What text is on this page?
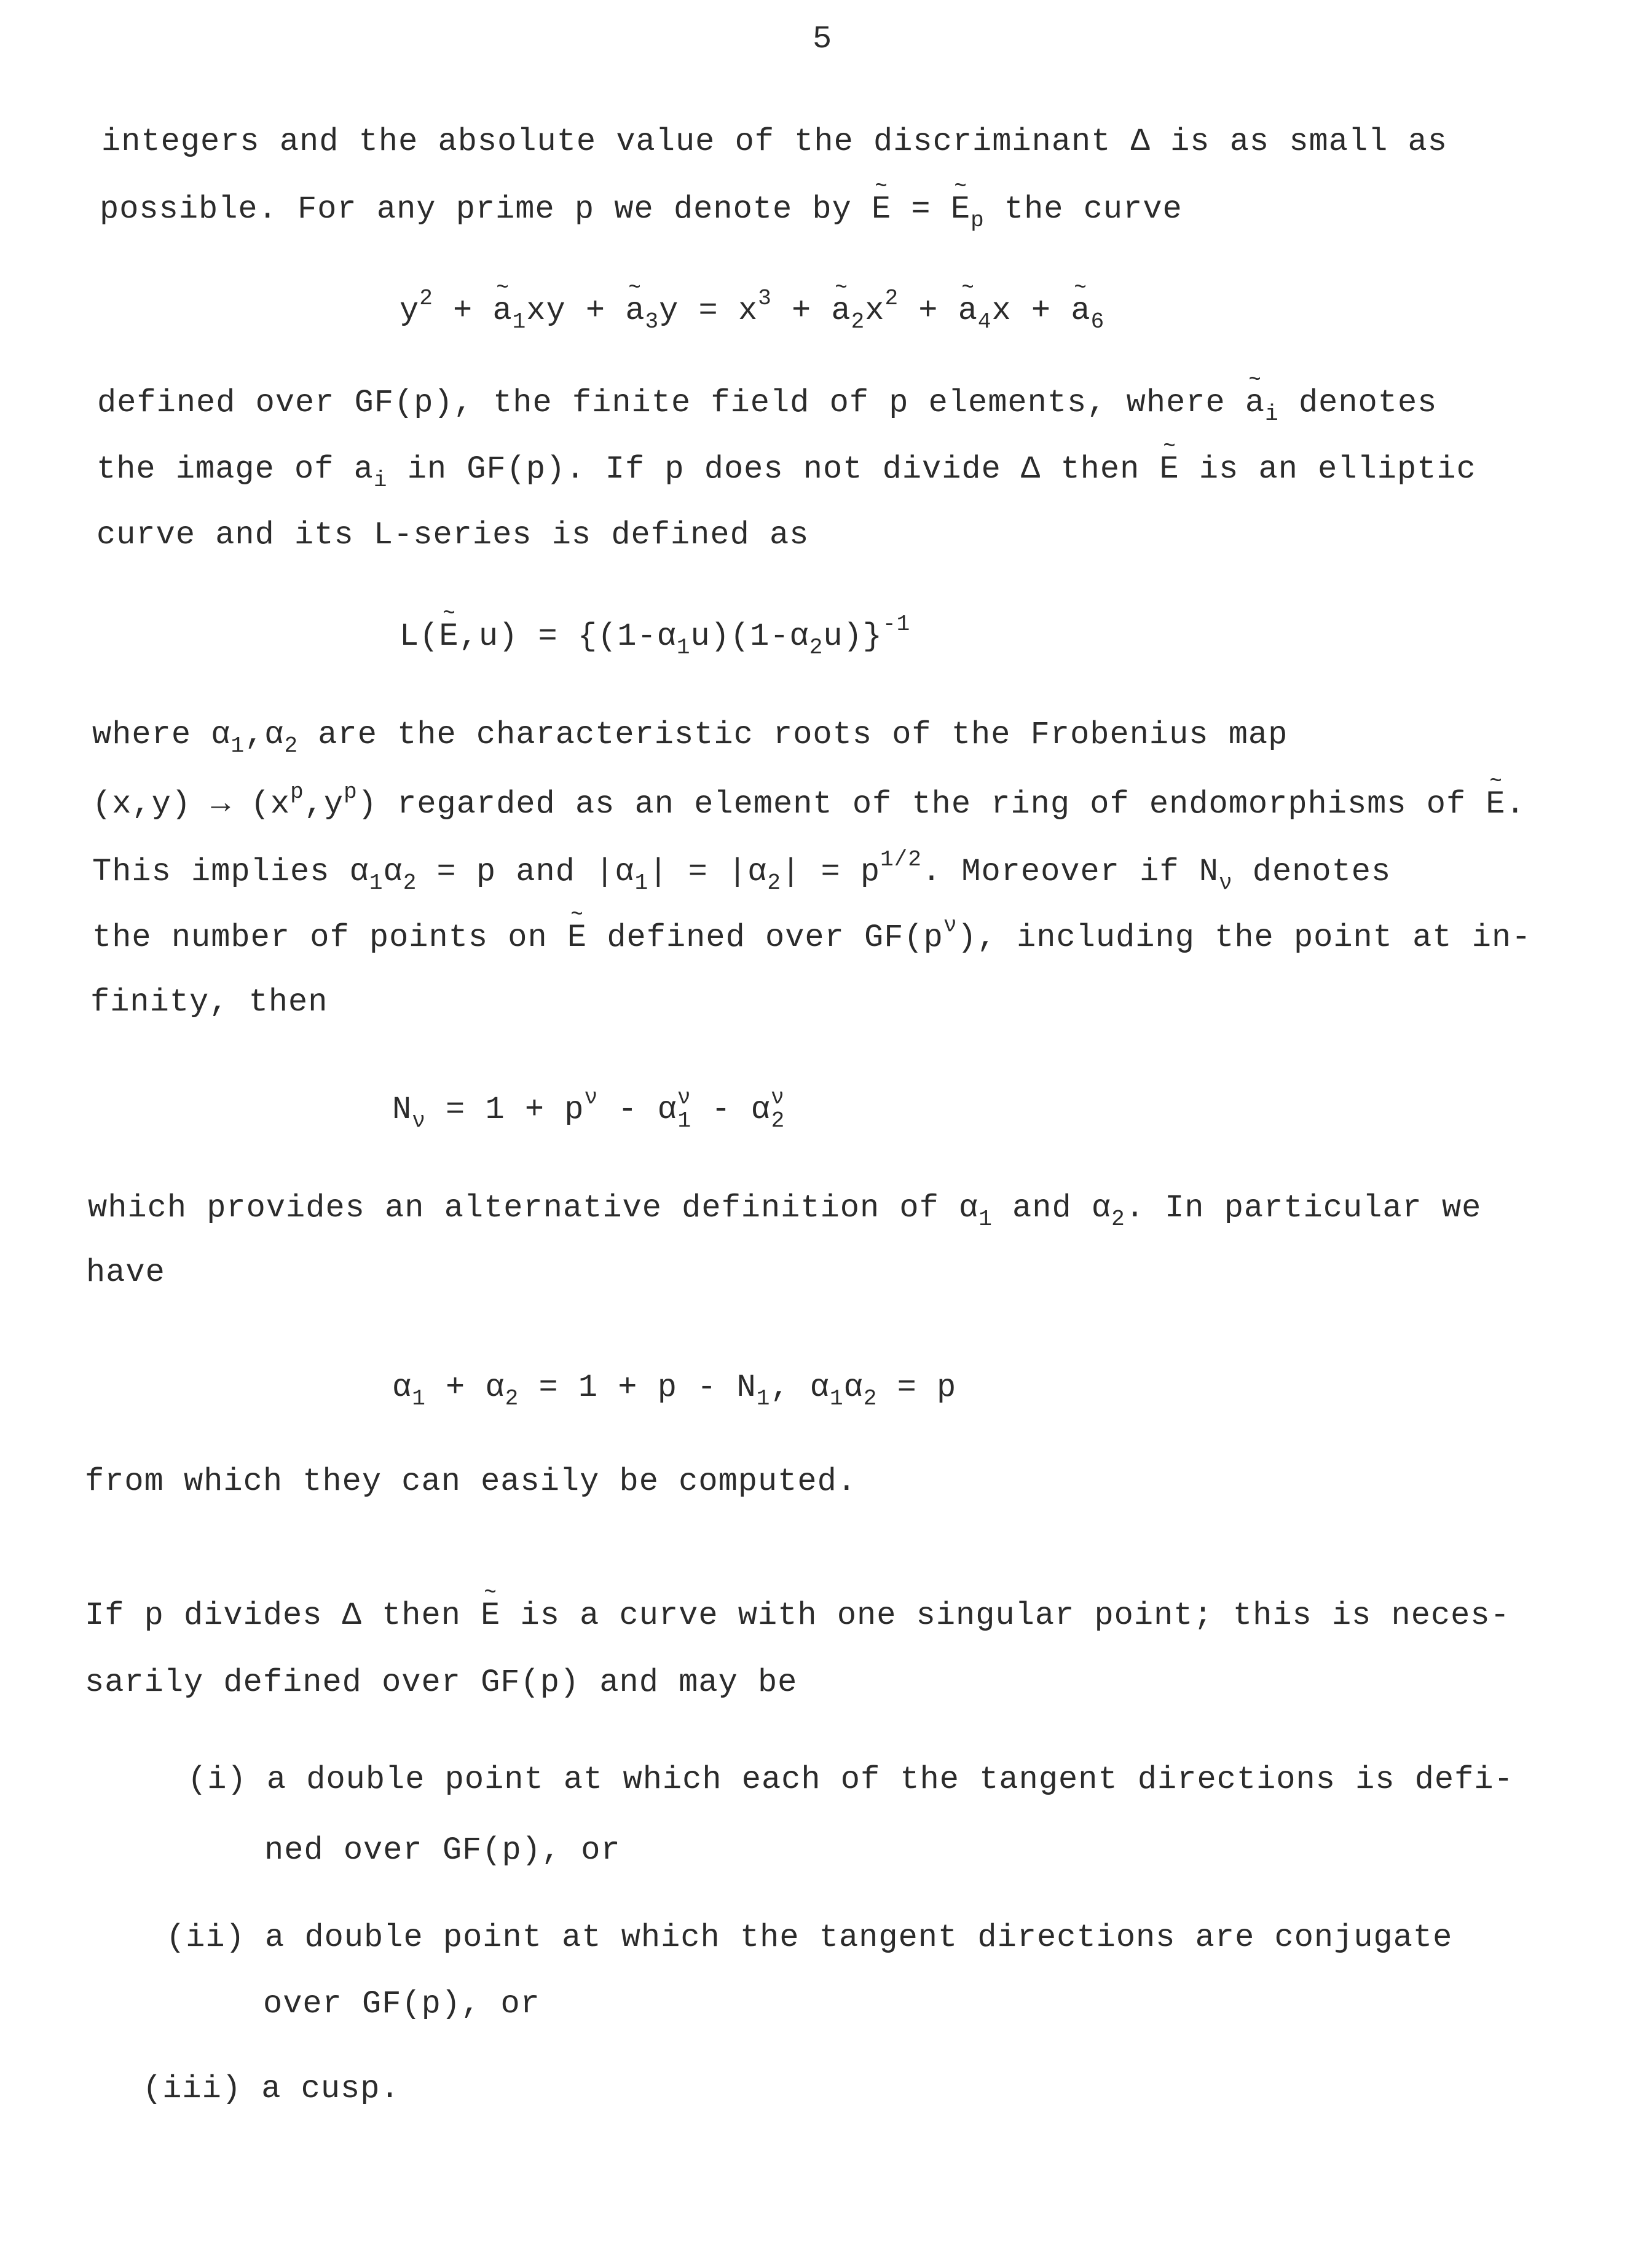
5
integers and the absolute value of the discriminant Δ is as small as
possible. For any prime p we denote by ~ E = ~ $E_p$ the curve
$y^2$ + ~ $a_1xy$ + ~ $a_3y = x^3$ + ~ $a_2x^2$ + ~ $a_4x$ + ~ $a_6$
defined over GF(p), the finite field of p elements, where ~ $a_i$ denotes
the image of $a_i$ in GF(p). If p does not divide Δ then ~ E is an elliptic
curve and its L-series is defined as
L(~ $E,u) = \{(1-\alpha_1u)(1-\alpha_2u)\}^{-1}$
where $\alpha_1,\alpha_2$ are the characteristic roots of the Frobenius map
$(x,y) \to (x^p,y^p)$ regarded as an element of the ring of endomorphisms of ~ E.
This implies $\alpha_1\alpha_2 = p$ and $|\alpha_1| = |\alpha_2| = p^{1/2}$. Moreover if $N_\nu$ denotes
the number of points on ~ E defined over $GF(p^\nu)$, including the point at in-
finity, then
$N_\nu = 1 + p^\nu - \alpha^\nu_1 - \alpha^\nu_2$
which provides an alternative definition of $\alpha_1$ and $\alpha_2$. In particular we
have
$\alpha_1 + \alpha_2 = 1 + p - N_1$, $\alpha_1\alpha_2 = p$
from which they can easily be computed.
If p divides Δ then ~ E is a curve with one singular point; this is neces-
sarily defined over GF(p) and may be
(i) a double point at which each of the tangent directions is defi-
ned over GF(p), or
(ii) a double point at which the tangent directions are conjugate
over GF(p), or
(iii) a cusp.
